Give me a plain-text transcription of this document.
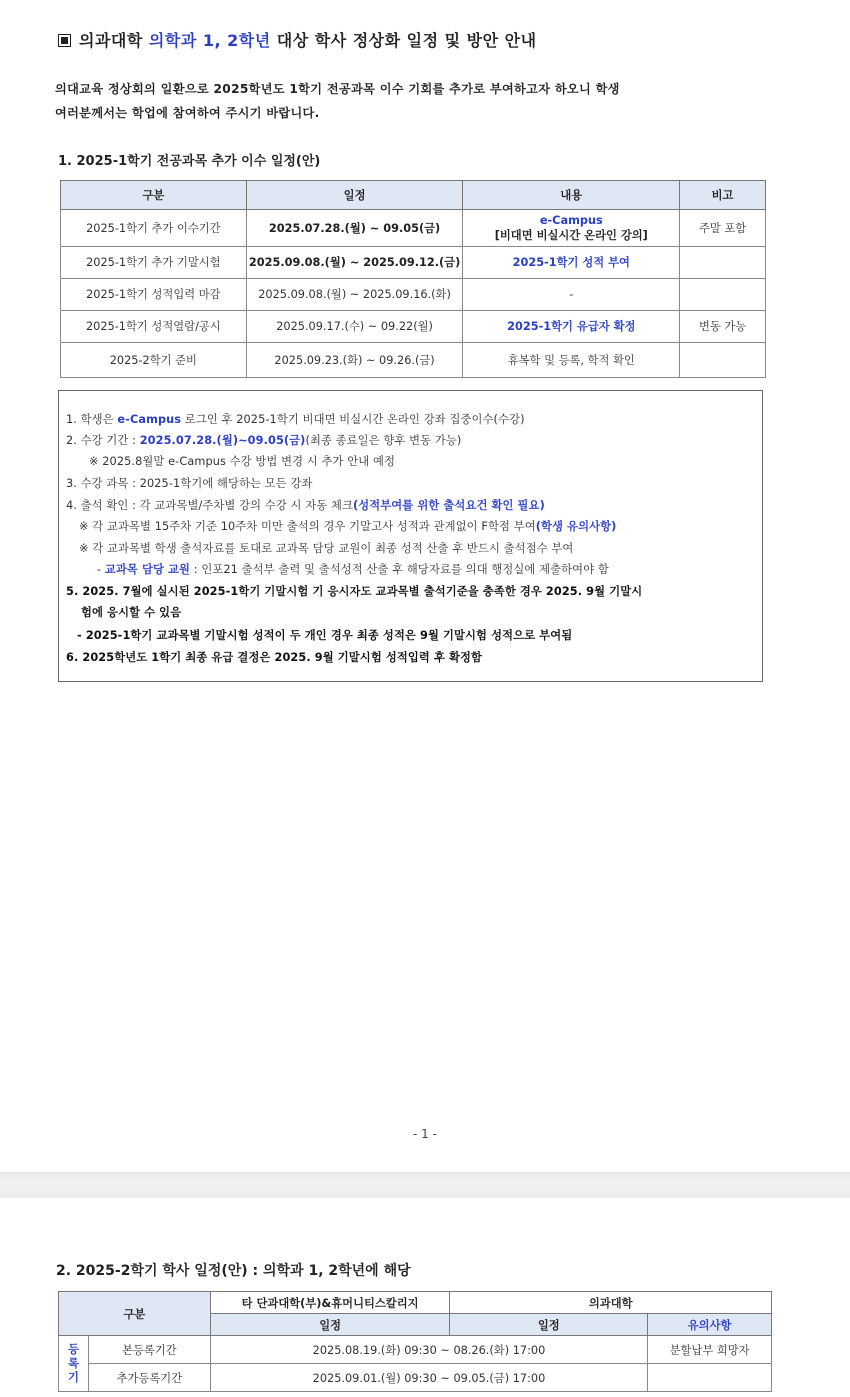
의과대학 의학과 1, 2학년 대상 학사 정상화 일정 및 방안 안내

의대교육 정상회의 일환으로 2025학년도 1학기 전공과목 이수 기회를 추가로 부여하고자 하오니 학생

여러분께서는 학업에 참여하여 주시기 바랍니다.

1. 2025-1학기 전공과목 추가 이수 일정(안)
구분	일정	내용	비고
2025-1학기 추가 이수기간	2025.07.28.(월) ~ 09.05(금)	e-Campus
[비대면 비실시간 온라인 강의]	주말 포함
2025-1학기 추가 기말시험	2025.09.08.(월) ~ 2025.09.12.(금)	2025-1학기 성적 부여	
2025-1학기 성적입력 마감	2025.09.08.(월) ~ 2025.09.16.(화)	-	
2025-1학기 성적열람/공시	2025.09.17.(수) ~ 09.22(월)	2025-1학기 유급자 확정	변동 가능
2025-2학기 준비	2025.09.23.(화) ~ 09.26.(금)	휴복학 및 등록, 학적 확인	
1. 학생은 e-Campus 로그인 후 2025-1학기 비대면 비실시간 온라인 강좌 집중이수(수강)
2. 수강 기간 : 2025.07.28.(월)~09.05(금)(최종 종료일은 향후 변동 가능)
※ 2025.8월말 e-Campus 수강 방법 변경 시 추가 안내 예정
3. 수강 과목 : 2025-1학기에 해당하는 모든 강좌
4. 출석 확인 : 각 교과목별/주차별 강의 수강 시 자동 체크(성적부여를 위한 출석요건 확인 필요)
※ 각 교과목별 15주차 기준 10주차 미만 출석의 경우 기말고사 성적과 관계없이 F학점 부여(학생 유의사항)
※ 각 교과목별 학생 출석자료를 토대로 교과목 담당 교원이 최종 성적 산출 후 반드시 출석점수 부여
- 교과목 담당 교원 : 인포21 출석부 출력 및 출석성적 산출 후 해당자료를 의대 행정실에 제출하여야 함
5. 2025. 7월에 실시된 2025-1학기 기말시험 기 응시자도 교과목별 출석기준을 충족한 경우 2025. 9월 기말시
험에 응시할 수 있음
- 2025-1학기 교과목별 기말시험 성적이 두 개인 경우 최종 성적은 9월 기말시험 성적으로 부여됨
6. 2025학년도 1학기 최종 유급 결정은 2025. 9월 기말시험 성적입력 후 확정함
- 1 -
2. 2025-2학기 학사 일정(안) : 의학과 1, 2학년에 해당
구분		타 단과대학(부)&휴머니티스칼리지	의과대학	
		일정	일정	유의사항

등
록
기	본등록기간	2025.08.19.(화) 09:30 ~ 08.26.(화) 17:00		분할납부 희망자
	추가등록기간	2025.09.01.(월) 09:30 ~ 09.05.(금) 17:00		
